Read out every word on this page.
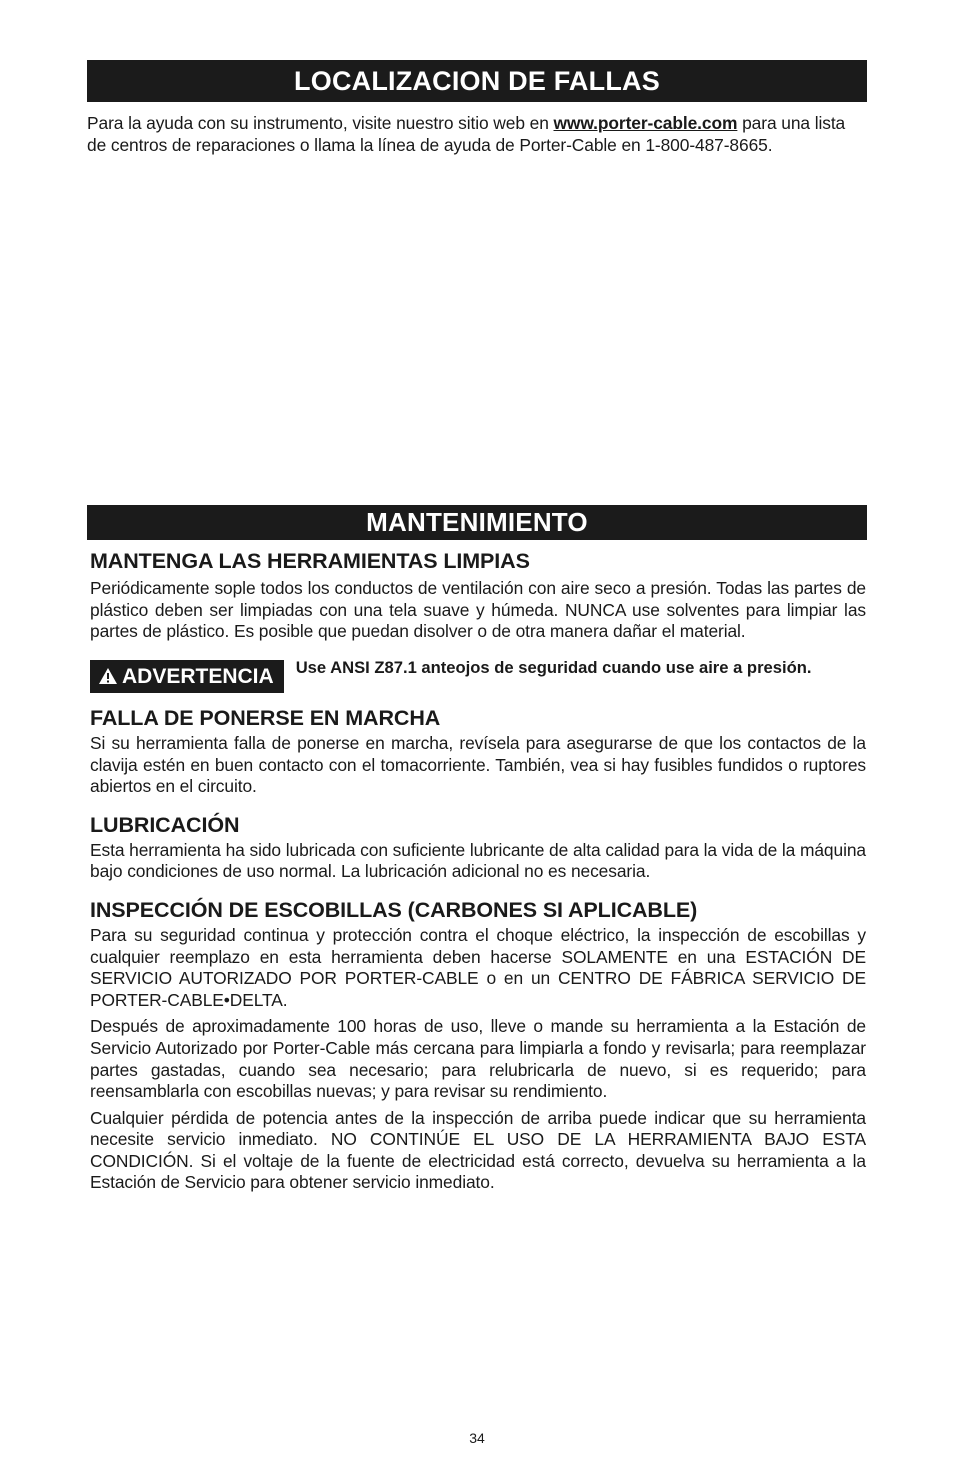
LOCALIZACION DE FALLAS

Para la ayuda con su instrumento, visite nuestro sitio web en www.porter-cable.com para una lista de centros de reparaciones o llama la línea de ayuda de Porter-Cable en 1-800-487-8665.

MANTENIMIENTO
MANTENGA LAS HERRAMIENTAS LIMPIAS

Periódicamente sople todos los conductos de ventilación con aire seco a presión. Todas las partes de plástico deben ser limpiadas con una tela suave y húmeda. NUNCA use solventes para limpiar las partes de plástico. Es posible que puedan disolver o de otra manera dañar el material.

ADVERTENCIA Use ANSI Z87.1 anteojos de seguridad cuando use aire a presión.
FALLA DE PONERSE EN MARCHA

Si su herramienta falla de ponerse en marcha, revísela para asegurarse de que los contactos de la clavija estén en buen contacto con el tomacorriente. También, vea si hay fusibles fundidos o ruptores abiertos en el circuito.

LUBRICACIÓN

Esta herramienta ha sido lubricada con suficiente lubricante de alta calidad para la vida de la máquina bajo condiciones de uso normal. La lubricación adicional no es necesaria.

INSPECCIÓN DE ESCOBILLAS (CARBONES SI APLICABLE)

Para su seguridad continua y protección contra el choque eléctrico, la inspección de escobillas y cualquier reemplazo en esta herramienta deben hacerse SOLAMENTE en una ESTACIÓN DE SERVICIO AUTORIZADO POR PORTER-CABLE o en un CENTRO DE FÁBRICA SERVICIO DE PORTER-CABLE•DELTA.

Después de aproximadamente 100 horas de uso, lleve o mande su herramienta a la Estación de Servicio Autorizado por Porter-Cable más cercana para limpiarla a fondo y revisarla; para reemplazar partes gastadas, cuando sea necesario; para relubricarla de nuevo, si es requerido; para reensamblarla con escobillas nuevas; y para revisar su rendimiento.

Cualquier pérdida de potencia antes de la inspección de arriba puede indicar que su herramienta necesite servicio inmediato. NO CONTINÚE EL USO DE LA HERRAMIENTA BAJO ESTA CONDICIÓN. Si el voltaje de la fuente de electricidad está correcto, devuelva su herramienta a la Estación de Servicio para obtener servicio inmediato.

34
